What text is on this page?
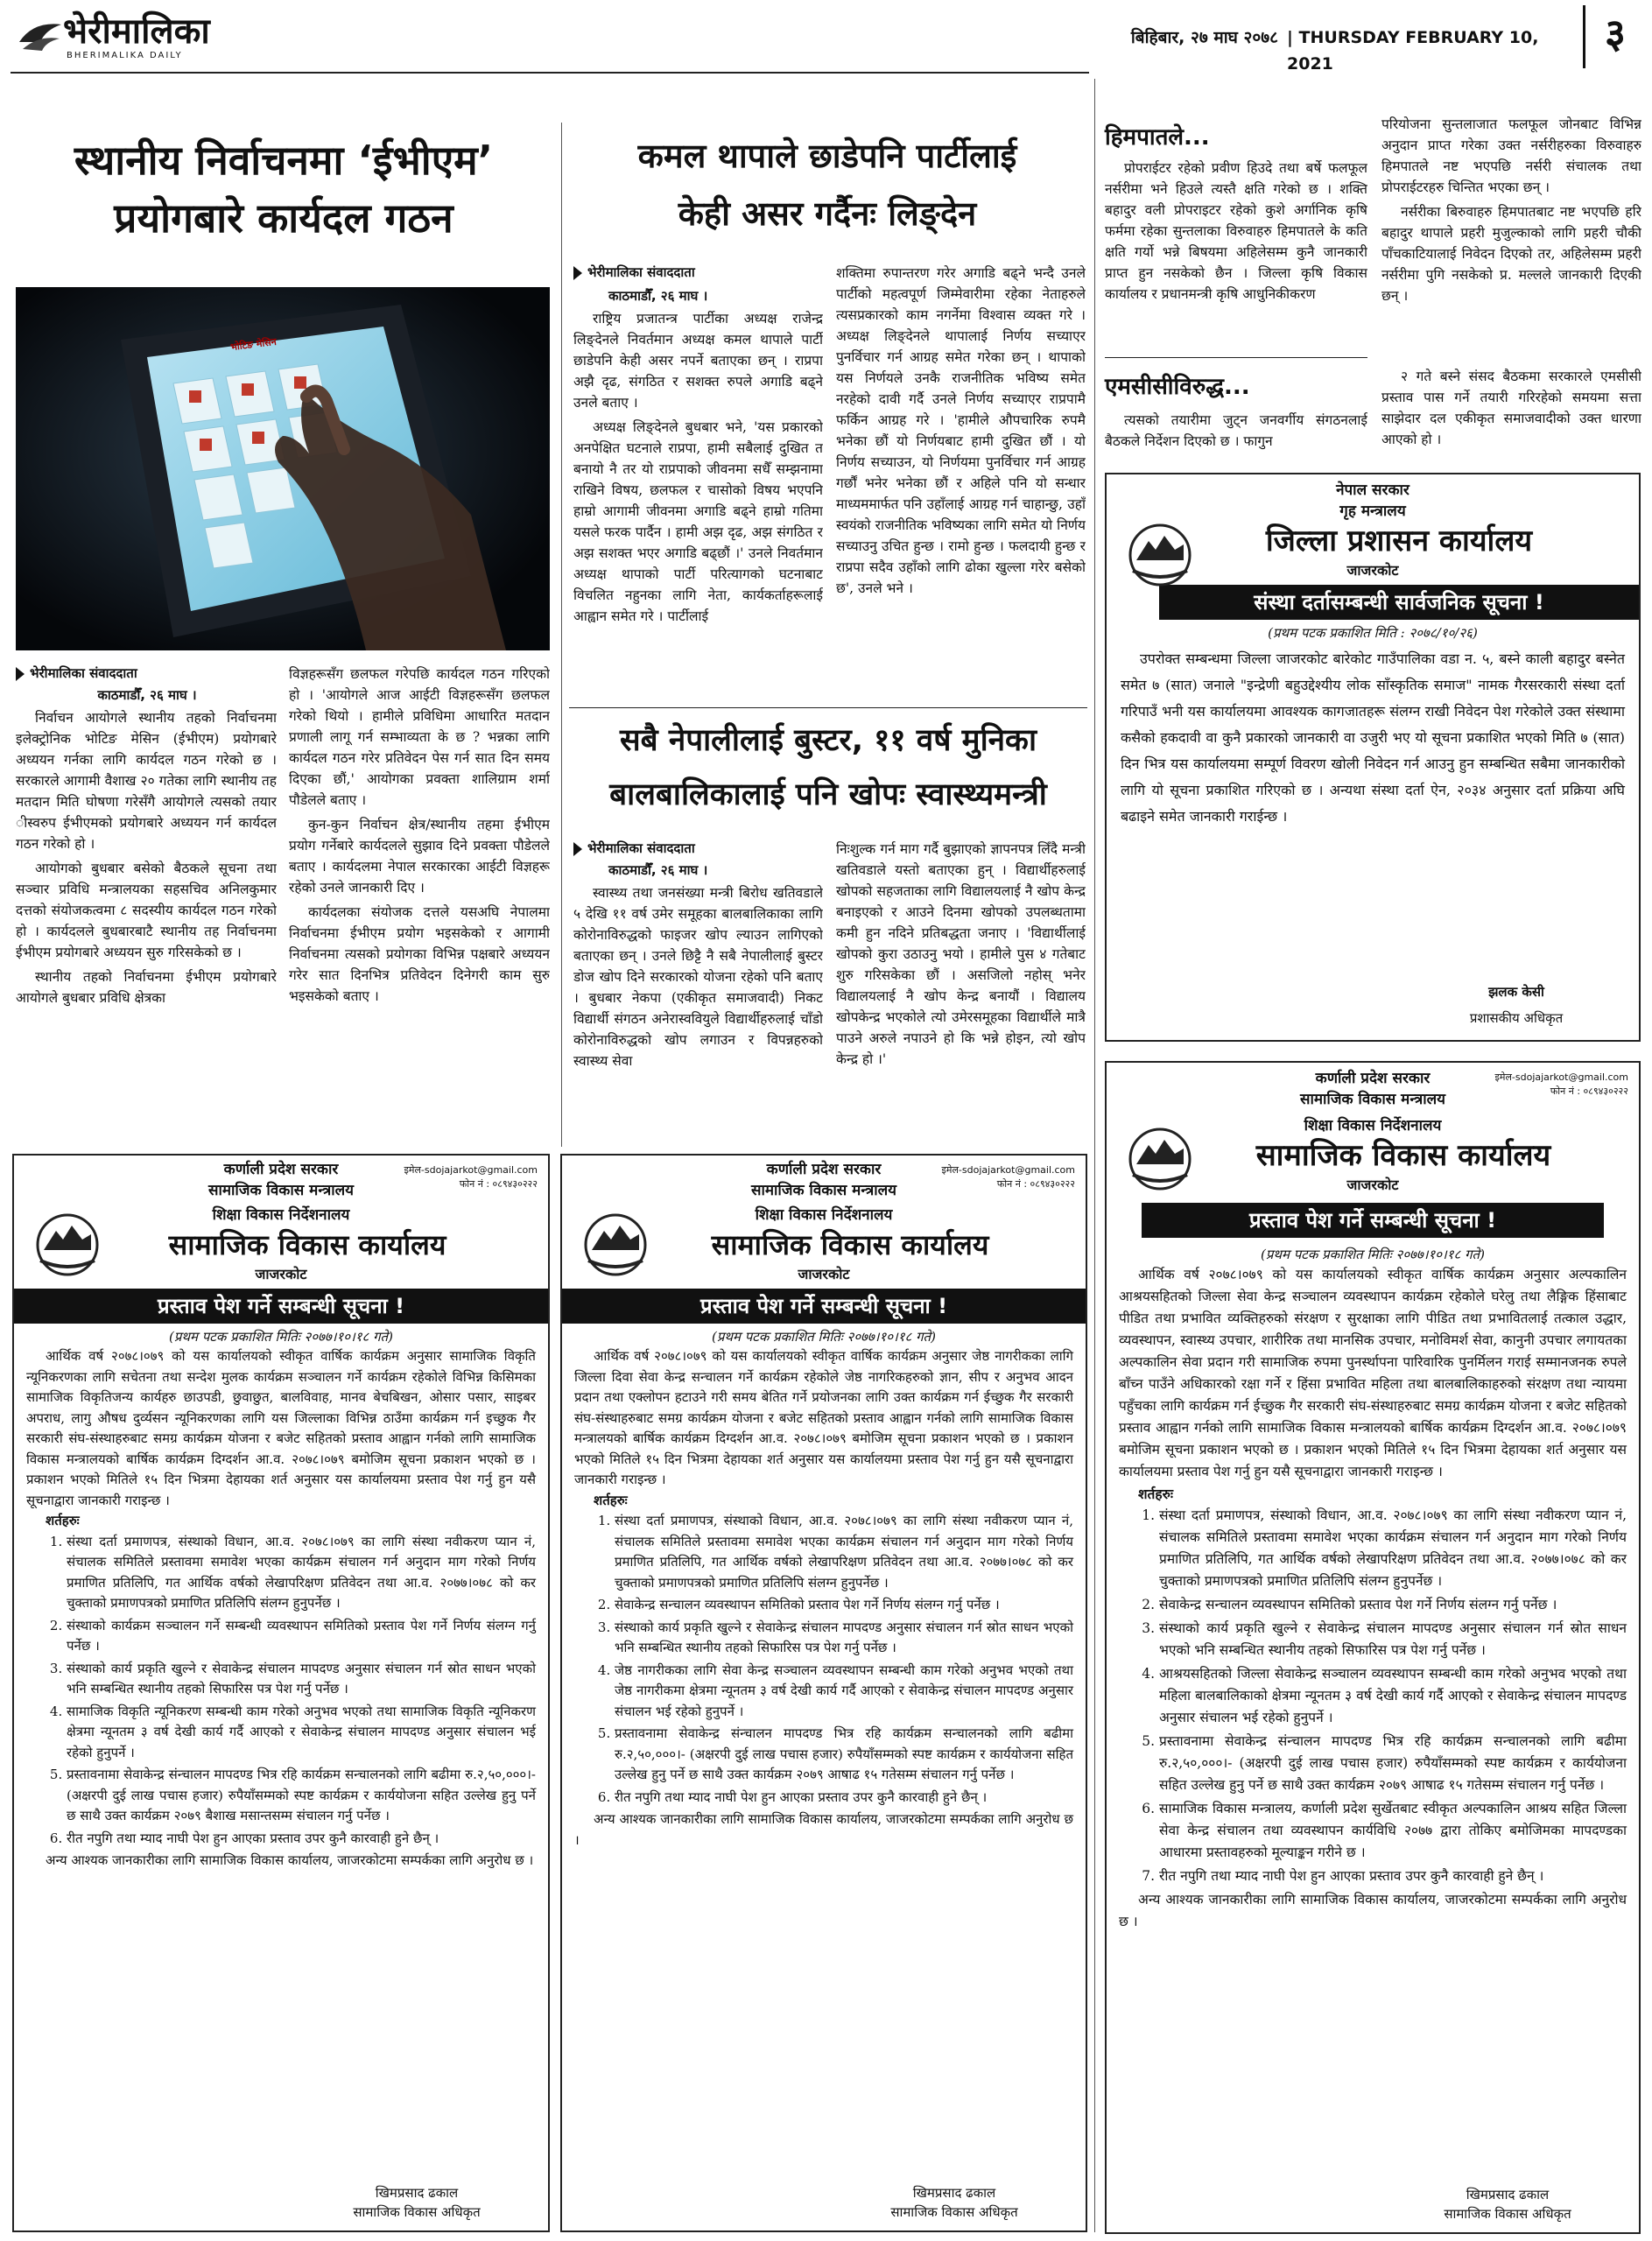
भेरीमालिका
BHERIMALIKA DAILY
बिहिबार, २७ माघ २०७८ | THURSDAY FEBRUARY 10, 2021
३
स्थानीय निर्वाचनमा ‘ईभीएम’
प्रयोगबारे कार्यदल गठन
भोटिङ मेसिन
भेरीमालिका संवाददाता
काठमाडौँ, २६ माघ ।

निर्वाचन आयोगले स्थानीय तहको निर्वाचनमा इलेक्ट्रोनिक भोटिङ मेसिन (ईभीएम) प्रयोगबारे अध्ययन गर्नका लागि कार्यदल गठन गरेको छ । सरकारले आगामी वैशाख २० गतेका लागि स्थानीय तह मतदान मिति घोषणा गरेसँगै आयोगले त्यसको तयार ीस्वरुप ईभीएमको प्रयोगबारे अध्ययन गर्न कार्यदल गठन गरेको हो ।

आयोगको बुधबार बसेको बैठकले सूचना तथा सञ्चार प्रविधि मन्त्रालयका सहसचिव अनिलकुमार दत्तको संयोजकत्वमा ८ सदस्यीय कार्यदल गठन गरेको हो । कार्यदलले बुधबारबाटै स्थानीय तह निर्वाचनमा ईभीएम प्रयोगबारे अध्ययन सुरु गरिसकेको छ ।

स्थानीय तहको निर्वाचनमा ईभीएम प्रयोगबारे आयोगले बुधबार प्रविधि क्षेत्रका

विज्ञहरूसँग छलफल गरेपछि कार्यदल गठन गरिएको हो । 'आयोगले आज आईटी विज्ञहरूसँग छलफल गरेको थियो । हामीले प्रविधिमा आधारित मतदान प्रणाली लागू गर्न सम्भाव्यता के छ ? भन्नका लागि कार्यदल गठन गरेर प्रतिवेदन पेस गर्न सात दिन समय दिएका छौं,' आयोगका प्रवक्ता शालिग्राम शर्मा पौडेलले बताए ।

कुन-कुन निर्वाचन क्षेत्र/स्थानीय तहमा ईभीएम प्रयोग गर्नेबारे कार्यदलले सुझाव दिने प्रवक्ता पौडेलले बताए । कार्यदलमा नेपाल सरकारका आईटी विज्ञहरू रहेको उनले जानकारी दिए ।

कार्यदलका संयोजक दत्तले यसअघि नेपालमा निर्वाचनमा ईभीएम प्रयोग भइसकेको र आगामी निर्वाचनमा त्यसको प्रयोगका विभिन्न पक्षबारे अध्ययन गरेर सात दिनभित्र प्रतिवेदन दिनेगरी काम सुरु भइसकेको बताए ।

कमल थापाले छाडेपनि पार्टीलाई
केही असर गर्दैनः लिङ्देन
भेरीमालिका संवाददाता
काठमाडौँ, २६ माघ ।

राष्ट्रिय प्रजातन्त्र पार्टीका अध्यक्ष राजेन्द्र लिङ्देनले निवर्तमान अध्यक्ष कमल थापाले पार्टी छाडेपनि केही असर नपर्ने बताएका छन् । राप्रपा अझै दृढ, संगठित र सशक्त रुपले अगाडि बढ्ने उनले बताए ।

अध्यक्ष लिङ्देनले बुधबार भने, 'यस प्रकारको अनपेक्षित घटनाले राप्रपा, हामी सबैलाई दुखित त बनायो नै तर यो राप्रपाको जीवनमा सधैँ सम्झनामा राखिने विषय, छलफल र चासोको विषय भएपनि हाम्रो आगामी जीवनमा अगाडि बढ्ने हाम्रो गतिमा यसले फरक पार्दैन । हामी अझ दृढ, अझ संगठित र अझ सशक्त भएर अगाडि बढ्छौं ।' उनले निवर्तमान अध्यक्ष थापाको पार्टी परित्यागको घटनाबाट विचलित नहुनका लागि नेता, कार्यकर्ताहरूलाई आह्वान समेत गरे । पार्टीलाई

शक्तिमा रुपान्तरण गरेर अगाडि बढ्ने भन्दै उनले पार्टीको महत्वपूर्ण जिम्मेवारीमा रहेका नेताहरुले त्यसप्रकारको काम नगर्नेमा विश्वास व्यक्त गरे । अध्यक्ष लिङ्देनले थापालाई निर्णय सच्याएर पुनर्विचार गर्न आग्रह समेत गरेका छन् । थापाको यस निर्णयले उनकै राजनीतिक भविष्य समेत नरहेको दावी गर्दै उनले निर्णय सच्याएर राप्रपामै फर्किन आग्रह गरे । 'हामीले औपचारिक रुपमै भनेका छौं यो निर्णयबाट हामी दुखित छौं । यो निर्णय सच्याउन, यो निर्णयमा पुनर्विचार गर्न आग्रह गर्छौं भनेर भनेका छौं र अहिले पनि यो सन्धार माध्यममार्फत पनि उहाँलाई आग्रह गर्न चाहान्छु, उहाँ स्वयंको राजनीतिक भविष्यका लागि समेत यो निर्णय सच्याउनु उचित हुन्छ । रामो हुन्छ । फलदायी हुन्छ र राप्रपा सदैव उहाँको लागि ढोका खुल्ला गरेर बसेको छ', उनले भने ।

सबै नेपालीलाई बुस्टर, ११ वर्ष मुनिका
बालबालिकालाई पनि खोपः स्वास्थ्यमन्त्री
भेरीमालिका संवाददाता
काठमाडौँ, २६ माघ ।

स्वास्थ्य तथा जनसंख्या मन्त्री बिरोध खतिवडाले ५ देखि ११ वर्ष उमेर समूहका बालबालिकाका लागि कोरोनाविरुद्धको फाइजर खोप ल्याउन लागिएको बताएका छन् । उनले छिट्टै नै सबै नेपालीलाई बुस्टर डोज खोप दिने सरकारको योजना रहेको पनि बताए । बुधबार नेकपा (एकीकृत समाजवादी) निकट विद्यार्थी संगठन अनेरास्ववियुले विद्यार्थीहरुलाई चाँडो कोरोनाविरुद्धको खोप लगाउन र विपन्नहरुको स्वास्थ्य सेवा

निःशुल्क गर्न माग गर्दै बुझाएको ज्ञापनपत्र लिँदै मन्त्री खतिवडाले यस्तो बताएका हुन् । विद्यार्थीहरुलाई खोपको सहजताका लागि विद्यालयलाई नै खोप केन्द्र बनाइएको र आउने दिनमा खोपको उपलब्धतामा कमी हुन नदिने प्रतिबद्धता जनाए । 'विद्यार्थीलाई खोपको कुरा उठाउनु भयो । हामीले पुस ४ गतेबाट शुरु गरिसकेका छौं । असजिलो नहोस् भनेर विद्यालयलाई नै खोप केन्द्र बनायौं । विद्यालय खोपकेन्द्र भएकोले त्यो उमेरसमूहका विद्यार्थीले मात्रै पाउने अरुले नपाउने हो कि भन्ने होइन, त्यो खोप केन्द्र हो ।'

हिमपातले...

प्रोपराईटर रहेको प्रवीण हिउदे तथा बर्षे फलफूल नर्सरीमा भने हिउले त्यस्तै क्षति गरेको छ । शक्ति बहादुर वली प्रोपराइटर रहेको कुशे अर्गानिक कृषि फर्ममा रहेका सुन्तलाका विरुवाहरु हिमपातले के कति क्षति गर्यो भन्ने बिषयमा अहिलेसम्म कुनै जानकारी प्राप्त हुन नसकेको छैन । जिल्ला कृषि विकास कार्यालय र प्रधानमन्त्री कृषि आधुनिकीकरण

परियोजना सुन्तलाजात फलफूल जोनबाट विभिन्न अनुदान प्राप्त गरेका उक्त नर्सरीहरुका विरुवाहरु हिमपातले नष्ट भएपछि नर्सरी संचालक तथा प्रोपराईटरहरु चिन्तित भएका छन् ।

नर्सरीका बिरुवाहरु हिमपातबाट नष्ट भएपछि हरि बहादुर थापाले प्रहरी मुजुल्काको लागि प्रहरी चौकी पाँचकाटियालाई निवेदन दिएको तर, अहिलेसम्म प्रहरी नर्सरीमा पुगि नसकेको प्र. मल्लले जानकारी दिएकी छन् ।

एमसीसीविरुद्ध...

त्यसको तयारीमा जुट्न जनवर्गीय संगठनलाई बैठकले निर्देशन दिएको छ । फागुन

२ गते बस्ने संसद बैठकमा सरकारले एमसीसी प्रस्ताव पास गर्ने तयारी गरिरहेको समयमा सत्ता साझेदार दल एकीकृत समाजवादीको उक्त धारणा आएको हो ।

नेपाल सरकार
गृह मन्त्रालय
जिल्ला प्रशासन कार्यालय
जाजरकोट
संस्था दर्तासम्बन्धी सार्वजनिक सूचना !
(प्रथम पटक प्रकाशित मिति : २०७८/१०/२६)

उपरोक्त सम्बन्धमा जिल्ला जाजरकोट बारेकोट गाउँपालिका वडा न. ५, बस्ने काली बहादुर बस्नेत समेत ७ (सात) जनाले "इन्द्रेणी बहुउद्देश्यीय लोक साँस्कृतिक समाज" नामक गैरसरकारी संस्था दर्ता गरिपाउँ भनी यस कार्यालयमा आवश्यक कागजातहरू संलग्न राखी निवेदन पेश गरेकोले उक्त संस्थामा कसैको हकदावी वा कुनै प्रकारको जानकारी वा उजुरी भए यो सूचना प्रकाशित भएको मिति ७ (सात) दिन भित्र यस कार्यालयमा सम्पूर्ण विवरण खोली निवेदन गर्न आउनु हुन सम्बन्धित सबैमा जानकारीको लागि यो सूचना प्रकाशित गरिएको छ । अन्यथा संस्था दर्ता ऐन, २०३४ अनुसार दर्ता प्रक्रिया अघि बढाइने समेत जानकारी गराईन्छ ।

झलक केसी
प्रशासकीय अधिकृत
इमेल-sdojajarkot@gmail.com
फोन नं : ०८९४३०२२२
कर्णाली प्रदेश सरकार
सामाजिक विकास मन्त्रालय
शिक्षा विकास निर्देशनालय
सामाजिक विकास कार्यालय
जाजरकोट
प्रस्ताव पेश गर्ने सम्बन्धी सूचना !
(प्रथम पटक प्रकाशित मितिः २०७७।१०।१८ गते)

आर्थिक वर्ष २०७८।०७९ को यस कार्यालयको स्वीकृत वार्षिक कार्यक्रम अनुसार अल्पकालिन आश्रयसहितको जिल्ला सेवा केन्द्र सञ्चालन व्यवस्थापन कार्यक्रम रहेकोले घरेलु तथा लैङ्गिक हिंसाबाट पीडित तथा प्रभावित व्यक्तिहरुको संरक्षण र सुरक्षाका लागि पीडित तथा प्रभावितलाई तत्काल उद्धार, व्यवस्थापन, स्वास्थ्य उपचार, शारीरिक तथा मानसिक उपचार, मनोविमर्श सेवा, कानुनी उपचार लगायतका अल्पकालिन सेवा प्रदान गरी सामाजिक रुपमा पुनर्स्थापना पारिवारिक पुनर्मिलन गराई सम्मानजनक रुपले बाँच्न पाउँने अधिकारको रक्षा गर्ने र हिंसा प्रभावित महिला तथा बालबालिकाहरुको संरक्षण तथा न्यायमा पहुँचका लागि कार्यक्रम गर्न ईच्छुक गैर सरकारी संघ-संस्थाहरुबाट समग्र कार्यक्रम योजना र बजेट सहितको प्रस्ताव आह्वान गर्नको लागि सामाजिक विकास मन्त्रालयको बार्षिक कार्यक्रम दिग्दर्शन आ.व. २०७८।०७९ बमोजिम सूचना प्रकाशन भएको छ । प्रकाशन भएको मितिले १५ दिन भित्रमा देहायका शर्त अनुसार यस कार्यालयमा प्रस्ताव पेश गर्नु हुन यसै सूचनाद्वारा जानकारी गराइन्छ ।

शर्तहरुः
1. संस्था दर्ता प्रमाणपत्र, संस्थाको विधान, आ.व. २०७८।०७९ का लागि संस्था नवीकरण प्यान नं, संचालक समितिले प्रस्तावमा समावेश भएका कार्यक्रम संचालन गर्न अनुदान माग गरेको निर्णय प्रमाणित प्रतिलिपि, गत आर्थिक वर्षको लेखापरिक्षण प्रतिवेदन तथा आ.व. २०७७।०७८ को कर चुक्ताको प्रमाणपत्रको प्रमाणित प्रतिलिपि संलग्न हुनुपर्नेछ ।
2. सेवाकेन्द्र सन्चालन व्यवस्थापन समितिको प्रस्ताव पेश गर्ने निर्णय संलग्न गर्नु पर्नेछ ।
3. संस्थाको कार्य प्रकृति खुल्ने र सेवाकेन्द्र संचालन मापदण्ड अनुसार संचालन गर्न स्रोत साधन भएको भनि सम्बन्धित स्थानीय तहको सिफारिस पत्र पेश गर्नु पर्नेछ ।
4. आश्रयसहितको जिल्ला सेवाकेन्द्र सञ्चालन व्यवस्थापन सम्बन्धी काम गरेको अनुभव भएको तथा महिला बालबालिकाको क्षेत्रमा न्यूनतम ३ वर्ष देखी कार्य गर्दै आएको र सेवाकेन्द्र संचालन मापदण्ड अनुसार संचालन भई रहेको हुनुपर्ने ।
5. प्रस्तावनामा सेवाकेन्द्र संन्चालन मापदण्ड भित्र रहि कार्यक्रम सन्चालनको लागि बढीमा रु.२,५०,०००।- (अक्षरपी दुई लाख पचास हजार) रुपैयाँसम्मको स्पष्ट कार्यक्रम र कार्ययोजना सहित उल्लेख हुनु पर्ने छ साथै उक्त कार्यक्रम २०७९ आषाढ १५ गतेसम्म संचालन गर्नु पर्नेछ ।
6. सामाजिक विकास मन्त्रालय, कर्णाली प्रदेश सुर्खेतबाट स्वीकृत अल्पकालिन आश्रय सहित जिल्ला सेवा केन्द्र संचालन तथा व्यवस्थापन कार्यविधि २०७७ द्वारा तोकिए बमोजिमका मापदण्डका आधारमा प्रस्तावहरुको मूल्याङ्कन गरीने छ ।
7. रीत नपुगि तथा म्याद नाघी पेश हुन आएका प्रस्ताव उपर कुनै कारवाही हुने छैन् ।

अन्य आश्यक जानकारीका लागि सामाजिक विकास कार्यालय, जाजरकोटमा सम्पर्कका लागि अनुरोध छ ।

खिमप्रसाद ढकाल
सामाजिक विकास अधिकृत
इमेल-sdojajarkot@gmail.com
फोन नं : ०८९४३०२२२
कर्णाली प्रदेश सरकार
सामाजिक विकास मन्त्रालय
शिक्षा विकास निर्देशनालय
सामाजिक विकास कार्यालय
जाजरकोट
प्रस्ताव पेश गर्ने सम्बन्धी सूचना !
(प्रथम पटक प्रकाशित मितिः २०७७।१०।१८ गते)

आर्थिक वर्ष २०७८।०७९ को यस कार्यालयको स्वीकृत वार्षिक कार्यक्रम अनुसार सामाजिक विकृति न्यूनिकरणका लागि सचेतना तथा सन्देश मुलक कार्यक्रम सञ्चालन गर्ने कार्यक्रम रहेकोले विभिन्न किसिमका सामाजिक विकृतिजन्य कार्यहरु छाउपडी, छुवाछुत, बालविवाह, मानव बेचबिखन, ओसार पसार, साइबर अपराध, लागु औषध दुर्व्यसन न्यूनिकरणका लागि यस जिल्लाका विभिन्न ठाउँमा कार्यक्रम गर्न इच्छुक गैर सरकारी संघ-संस्थाहरुबाट समग्र कार्यक्रम योजना र बजेट सहितको प्रस्ताव आह्वान गर्नको लागि सामाजिक विकास मन्त्रालयको बार्षिक कार्यक्रम दिग्दर्शन आ.व. २०७८।०७९ बमोजिम सूचना प्रकाशन भएको छ । प्रकाशन भएको मितिले १५ दिन भित्रमा देहायका शर्त अनुसार यस कार्यालयमा प्रस्ताव पेश गर्नु हुन यसै सूचनाद्वारा जानकारी गराइन्छ ।

शर्तहरुः
1. संस्था दर्ता प्रमाणपत्र, संस्थाको विधान, आ.व. २०७८।०७९ का लागि संस्था नवीकरण प्यान नं, संचालक समितिले प्रस्तावमा समावेश भएका कार्यक्रम संचालन गर्न अनुदान माग गरेको निर्णय प्रमाणित प्रतिलिपि, गत आर्थिक वर्षको लेखापरिक्षण प्रतिवेदन तथा आ.व. २०७७।०७८ को कर चुक्ताको प्रमाणपत्रको प्रमाणित प्रतिलिपि संलग्न हुनुपर्नेछ ।
2. संस्थाको कार्यक्रम सञ्चालन गर्ने सम्बन्धी व्यवस्थापन समितिको प्रस्ताव पेश गर्ने निर्णय संलग्न गर्नु पर्नेछ ।
3. संस्थाको कार्य प्रकृति खुल्ने र सेवाकेन्द्र संचालन मापदण्ड अनुसार संचालन गर्न स्रोत साधन भएको भनि सम्बन्धित स्थानीय तहको सिफारिस पत्र पेश गर्नु पर्नेछ ।
4. सामाजिक विकृति न्यूनिकरण सम्बन्धी काम गरेको अनुभव भएको तथा सामाजिक विकृति न्यूनिकरण क्षेत्रमा न्यूनतम ३ वर्ष देखी कार्य गर्दै आएको र सेवाकेन्द्र संचालन मापदण्ड अनुसार संचालन भई रहेको हुनुपर्ने ।
5. प्रस्तावनामा सेवाकेन्द्र संन्चालन मापदण्ड भित्र रहि कार्यक्रम सन्चालनको लागि बढीमा रु.२,५०,०००।- (अक्षरपी दुई लाख पचास हजार) रुपैयाँसम्मको स्पष्ट कार्यक्रम र कार्ययोजना सहित उल्लेख हुनु पर्ने छ साथै उक्त कार्यक्रम २०७९ बैशाख मसान्तसम्म संचालन गर्नु पर्नेछ ।
6. रीत नपुगि तथा म्याद नाघी पेश हुन आएका प्रस्ताव उपर कुनै कारवाही हुने छैन् ।

अन्य आश्यक जानकारीका लागि सामाजिक विकास कार्यालय, जाजरकोटमा सम्पर्कका लागि अनुरोध छ ।

खिमप्रसाद ढकाल
सामाजिक विकास अधिकृत
इमेल-sdojajarkot@gmail.com
फोन नं : ०८९४३०२२२
कर्णाली प्रदेश सरकार
सामाजिक विकास मन्त्रालय
शिक्षा विकास निर्देशनालय
सामाजिक विकास कार्यालय
जाजरकोट
प्रस्ताव पेश गर्ने सम्बन्धी सूचना !
(प्रथम पटक प्रकाशित मितिः २०७७।१०।१८ गते)

आर्थिक वर्ष २०७८।०७९ को यस कार्यालयको स्वीकृत वार्षिक कार्यक्रम अनुसार जेष्ठ नागरीकका लागि जिल्ला दिवा सेवा केन्द्र सन्चालन गर्ने कार्यक्रम रहेकोले जेष्ठ नागरिकहरुको ज्ञान, सीप र अनुभव आदन प्रदान तथा एक्लोपन हटाउने गरी समय बेतित गर्ने प्रयोजनका लागि उक्त कार्यक्रम गर्न ईच्छुक गैर सरकारी संघ-संस्थाहरुबाट समग्र कार्यक्रम योजना र बजेट सहितको प्रस्ताव आह्वान गर्नको लागि सामाजिक विकास मन्त्रालयको बार्षिक कार्यक्रम दिग्दर्शन आ.व. २०७८।०७९ बमोजिम सूचना प्रकाशन भएको छ । प्रकाशन भएको मितिले १५ दिन भित्रमा देहायका शर्त अनुसार यस कार्यालयमा प्रस्ताव पेश गर्नु हुन यसै सूचनाद्वारा जानकारी गराइन्छ ।

शर्तहरुः
1. संस्था दर्ता प्रमाणपत्र, संस्थाको विधान, आ.व. २०७८।०७९ का लागि संस्था नवीकरण प्यान नं, संचालक समितिले प्रस्तावमा समावेश भएका कार्यक्रम संचालन गर्न अनुदान माग गरेको निर्णय प्रमाणित प्रतिलिपि, गत आर्थिक वर्षको लेखापरिक्षण प्रतिवेदन तथा आ.व. २०७७।०७८ को कर चुक्ताको प्रमाणपत्रको प्रमाणित प्रतिलिपि संलग्न हुनुपर्नेछ ।
2. सेवाकेन्द्र सन्चालन व्यवस्थापन समितिको प्रस्ताव पेश गर्ने निर्णय संलग्न गर्नु पर्नेछ ।
3. संस्थाको कार्य प्रकृति खुल्ने र सेवाकेन्द्र संचालन मापदण्ड अनुसार संचालन गर्न स्रोत साधन भएको भनि सम्बन्धित स्थानीय तहको सिफारिस पत्र पेश गर्नु पर्नेछ ।
4. जेष्ठ नागरीकका लागि सेवा केन्द्र सञ्चालन व्यवस्थापन सम्बन्धी काम गरेको अनुभव भएको तथा जेष्ठ नागरीकमा क्षेत्रमा न्यूनतम ३ वर्ष देखी कार्य गर्दै आएको र सेवाकेन्द्र संचालन मापदण्ड अनुसार संचालन भई रहेको हुनुपर्ने ।
5. प्रस्तावनामा सेवाकेन्द्र संन्चालन मापदण्ड भित्र रहि कार्यक्रम सन्चालनको लागि बढीमा रु.२,५०,०००।- (अक्षरपी दुई लाख पचास हजार) रुपैयाँसम्मको स्पष्ट कार्यक्रम र कार्ययोजना सहित उल्लेख हुनु पर्ने छ साथै उक्त कार्यक्रम २०७९ आषाढ १५ गतेसम्म संचालन गर्नु पर्नेछ ।
6. रीत नपुगि तथा म्याद नाघी पेश हुन आएका प्रस्ताव उपर कुनै कारवाही हुने छैन् ।

अन्य आश्यक जानकारीका लागि सामाजिक विकास कार्यालय, जाजरकोटमा सम्पर्कका लागि अनुरोध छ ।

खिमप्रसाद ढकाल
सामाजिक विकास अधिकृत
